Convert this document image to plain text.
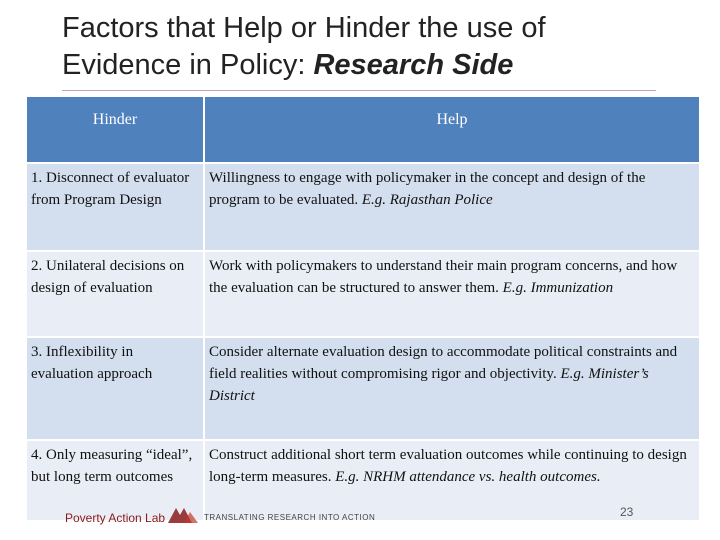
Factors that Help or Hinder the use of
Evidence in Policy: Research Side
Hinder	Help
1. Disconnect of evaluator from Program Design	Willingness to engage with policymaker in the concept and design of the program to be evaluated. E.g. Rajasthan Police
2. Unilateral decisions on design of evaluation	Work with policymakers to understand their main program concerns, and how the evaluation can be structured to answer them. E.g. Immunization
3. Inflexibility in evaluation approach	Consider alternate evaluation design to accommodate political constraints and field realities without compromising rigor and objectivity. E.g. Minister’s District
4. Only measuring “ideal”, but long term outcomes	Construct additional short term evaluation outcomes while continuing to design long-term measures. E.g. NRHM attendance vs. health outcomes.
Poverty Action Lab	TRANSLATING RESEARCH INTO ACTION	23
